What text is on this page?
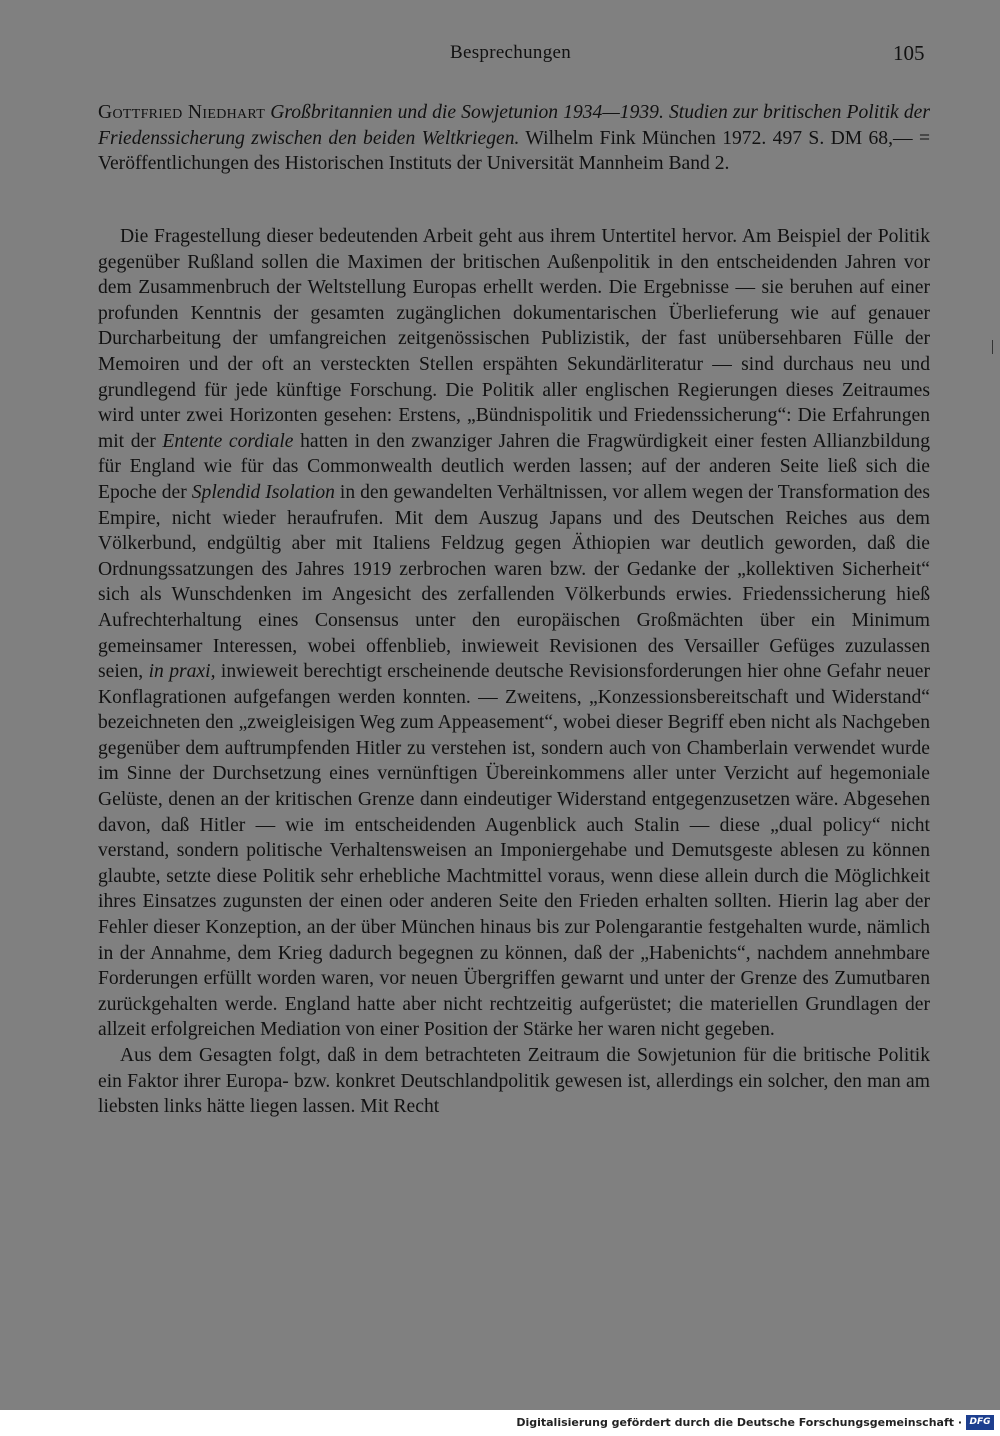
Besprechungen	105
Gottfried Niedhart Großbritannien und die Sowjetunion 1934—1939. Studien zur britischen Politik der Friedenssicherung zwischen den beiden Weltkriegen. Wilhelm Fink München 1972. 497 S. DM 68,— = Veröffentlichungen des Historischen Instituts der Universität Mannheim Band 2.

Die Fragestellung dieser bedeutenden Arbeit geht aus ihrem Untertitel hervor. Am Beispiel der Politik gegenüber Rußland sollen die Maximen der britischen Außenpolitik in den entscheidenden Jahren vor dem Zusammenbruch der Weltstellung Europas erhellt werden. Die Ergebnisse — sie beruhen auf einer profunden Kenntnis der gesamten zugänglichen dokumentarischen Überlieferung wie auf genauer Durcharbeitung der umfangreichen zeitgenössischen Publizistik, der fast unübersehbaren Fülle der Memoiren und der oft an versteckten Stellen erspähten Sekundärliteratur — sind durchaus neu und grundlegend für jede künftige Forschung. Die Politik aller englischen Regierungen dieses Zeitraumes wird unter zwei Horizonten gesehen: Erstens, „Bündnispolitik und Friedenssicherung“: Die Erfahrungen mit der Entente cordiale hatten in den zwanziger Jahren die Fragwürdigkeit einer festen Allianzbildung für England wie für das Commonwealth deutlich werden lassen; auf der anderen Seite ließ sich die Epoche der Splendid Isolation in den gewandelten Verhältnissen, vor allem wegen der Transformation des Empire, nicht wieder heraufrufen. Mit dem Auszug Japans und des Deutschen Reiches aus dem Völkerbund, endgültig aber mit Italiens Feldzug gegen Äthiopien war deutlich geworden, daß die Ordnungssatzungen des Jahres 1919 zerbrochen waren bzw. der Gedanke der „kollektiven Sicherheit“ sich als Wunschdenken im Angesicht des zerfallenden Völkerbunds erwies. Friedenssicherung hieß Aufrechterhaltung eines Consensus unter den europäischen Großmächten über ein Minimum gemeinsamer Interessen, wobei offenblieb, inwieweit Revisionen des Versailler Gefüges zuzulassen seien, in praxi, inwieweit berechtigt erscheinende deutsche Revisionsforderungen hier ohne Gefahr neuer Konflagrationen aufgefangen werden konnten. — Zweitens, „Konzessionsbereitschaft und Widerstand“ bezeichneten den „zweigleisigen Weg zum Appeasement“, wobei dieser Begriff eben nicht als Nachgeben gegenüber dem auftrumpfenden Hitler zu verstehen ist, sondern auch von Chamberlain verwendet wurde im Sinne der Durchsetzung eines vernünftigen Übereinkommens aller unter Verzicht auf hegemoniale Gelüste, denen an der kritischen Grenze dann eindeutiger Widerstand entgegenzusetzen wäre. Abgesehen davon, daß Hitler — wie im entscheidenden Augenblick auch Stalin — diese „dual policy“ nicht verstand, sondern politische Verhaltensweisen an Imponiergehabe und Demutsgeste ablesen zu können glaubte, setzte diese Politik sehr erhebliche Machtmittel voraus, wenn diese allein durch die Möglichkeit ihres Einsatzes zugunsten der einen oder anderen Seite den Frieden erhalten sollten. Hierin lag aber der Fehler dieser Konzeption, an der über München hinaus bis zur Polengarantie festgehalten wurde, nämlich in der Annahme, dem Krieg dadurch begegnen zu können, daß der „Habenichts“, nachdem annehmbare Forderungen erfüllt worden waren, vor neuen Übergriffen gewarnt und unter der Grenze des Zumutbaren zurückgehalten werde. England hatte aber nicht rechtzeitig aufgerüstet; die materiellen Grundlagen der allzeit erfolgreichen Mediation von einer Position der Stärke her waren nicht gegeben.

Aus dem Gesagten folgt, daß in dem betrachteten Zeitraum die Sowjetunion für die britische Politik ein Faktor ihrer Europa- bzw. konkret Deutschlandpolitik gewesen ist, allerdings ein solcher, den man am liebsten links hätte liegen lassen. Mit Recht

Digitalisierung gefördert durch die Deutsche Forschungsgemeinschaft · DFG
